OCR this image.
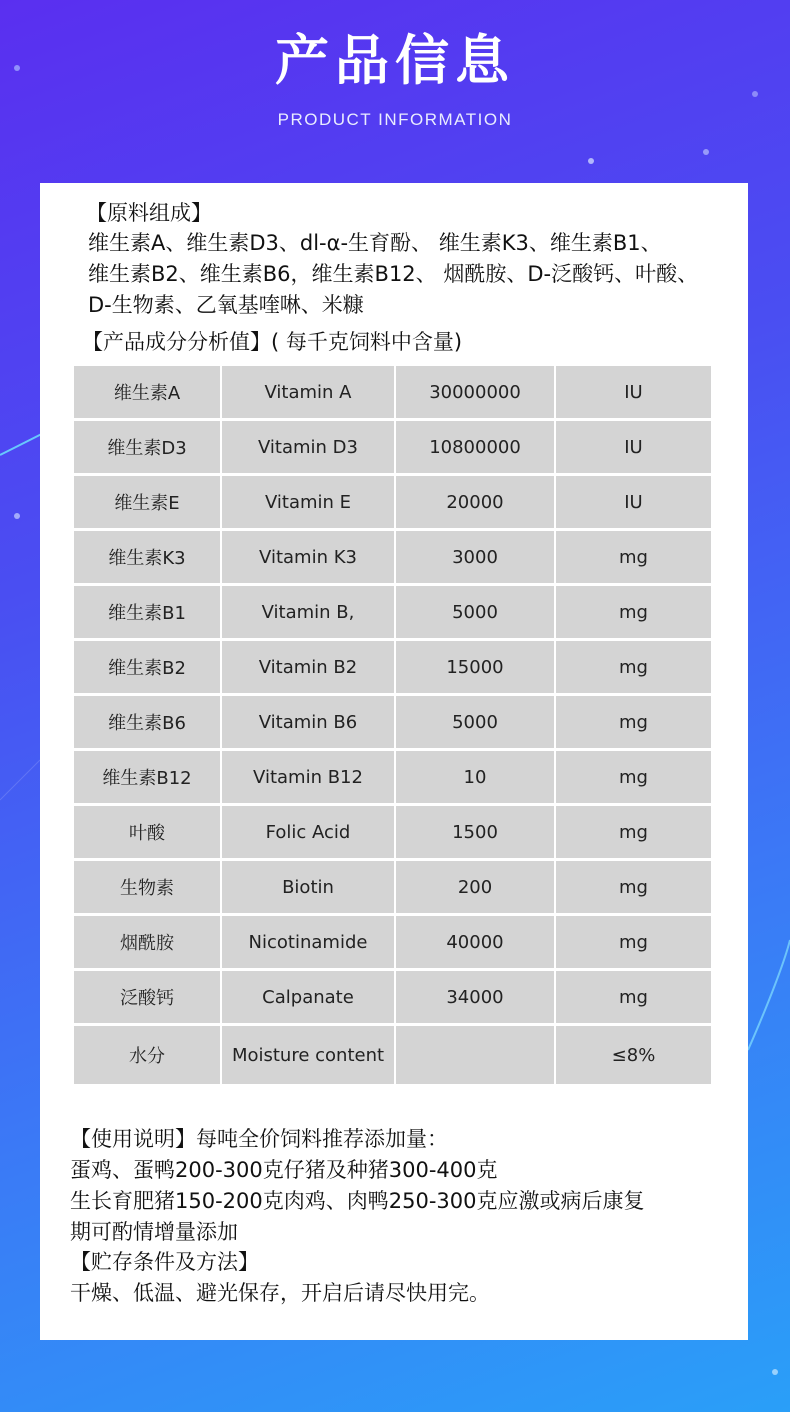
产品信息
PRODUCT INFORMATION
【原料组成】
维生素A、维生素D3、dl-α-生育酚、 维生素K3、维生素B1、
维生素B2、维生素B6，维生素B12、 烟酰胺、D-泛酸钙、叶酸、
D-生物素、乙氧基喹啉、米糠
【产品成分分析值】( 每千克饲料中含量)
维生素A	Vitamin A	30000000	IU
维生素D3	Vitamin D3	10800000	IU
维生素E	Vitamin E	20000	IU
维生素K3	Vitamin K3	3000	mg
维生素B1	Vitamin B,	5000	mg
维生素B2	Vitamin B2	15000	mg
维生素B6	Vitamin B6	5000	mg
维生素B12	Vitamin B12	10	mg
叶酸	Folic Acid	1500	mg
生物素	Biotin	200	mg
烟酰胺	Nicotinamide	40000	mg
泛酸钙	Calpanate	34000	mg
水分	Moisture content		≤8%
【使用说明】每吨全价饲料推荐添加量：
蛋鸡、蛋鸭200-300克仔猪及种猪300-400克
生长育肥猪150-200克肉鸡、肉鸭250-300克应激或病后康复
期可酌情增量添加
【贮存条件及方法】
干燥、低温、避光保存，开启后请尽快用完。
